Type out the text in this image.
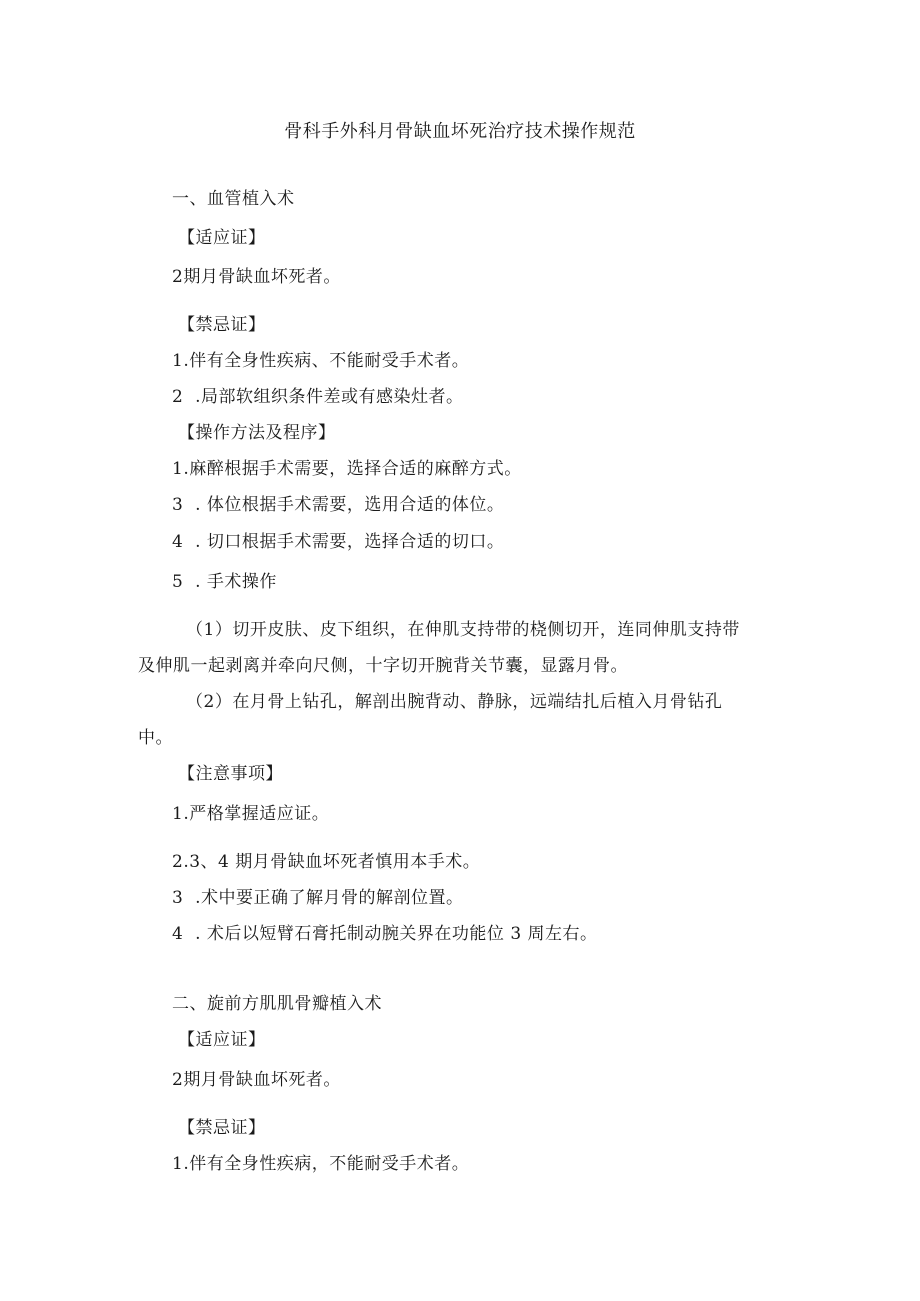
骨科手外科月骨缺血坏死治疗技术操作规范
一、血管植入术
【适应证】
2期月骨缺血坏死者。
【禁忌证】
1.伴有全身性疾病、不能耐受手术者。
2  .局部软组织条件差或有感染灶者。
【操作方法及程序】
1.麻醉根据手术需要，选择合适的麻醉方式。
3  . 体位根据手术需要，选用合适的体位。
4  . 切口根据手术需要，选择合适的切口。
5  . 手术操作
（1）切开皮肤、皮下组织，在伸肌支持带的桡侧切开，连同伸肌支持带
及伸肌一起剥离并牵向尺侧，十字切开腕背关节囊，显露月骨。
（2）在月骨上钻孔，解剖出腕背动、静脉，远端结扎后植入月骨钻孔
中。
【注意事项】
1.严格掌握适应证。
2.3、4 期月骨缺血坏死者慎用本手术。
3  .术中要正确了解月骨的解剖位置。
4  . 术后以短臂石膏托制动腕关界在功能位 3 周左右。
二、旋前方肌肌骨瓣植入术
【适应证】
2期月骨缺血坏死者。
【禁忌证】
1.伴有全身性疾病，不能耐受手术者。
